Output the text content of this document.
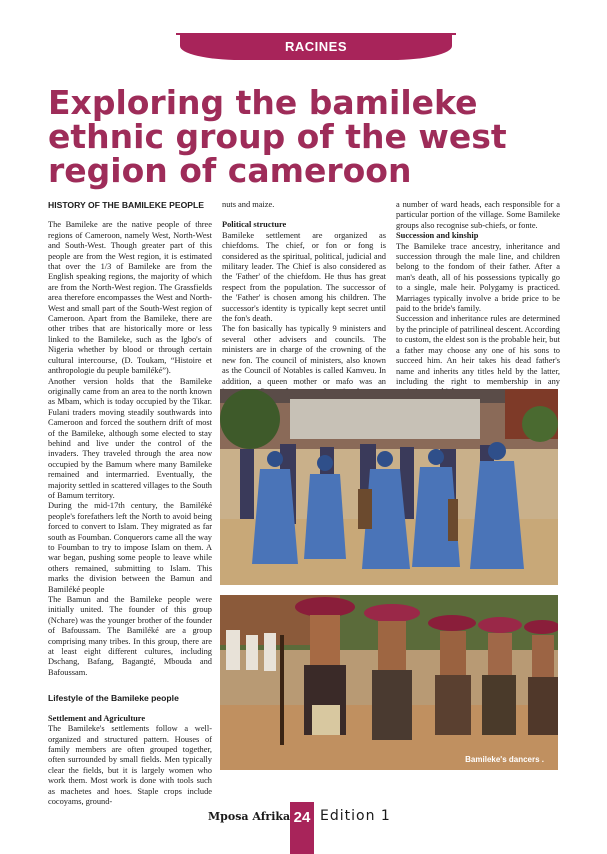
RACINES
Exploring the bamileke ethnic group of the west region of cameroon
HISTORY OF THE BAMILEKE PEOPLE

The Bamileke are the native people of three regions of Cameroon, namely West, North-West and South-West. Though greater part of this people are from the West region, it is estimated that over the 1/3 of Bamileke are from the English speaking regions, the majority of which are from the North-West region. The Grassfields area therefore encompasses the West and North-West and small part of the South-West region of Cameroon. Apart from the Bamileke, there are other tribes that are historically more or less linked to the Bamileke, such as the Igbo's of Nigeria whether by blood or through certain cultural intercourse, (D. Toukam, “Histoire et anthropologie du peuple bamiléké”).

Another version holds that the Bamileke originally came from an area to the north known as Mbam, which is today occupied by the Tikar. Fulani traders moving steadily southwards into Cameroon and forced the southern drift of most of the Bamileke, although some elected to stay behind and live under the control of the invaders. They traveled through the area now occupied by the Bamum where many Bamileke remained and intermarried. Eventually, the majority settled in scattered villages to the South of Bamum territory.

During the mid-17th century, the Bamiléké people's forefathers left the North to avoid being forced to convert to Islam. They migrated as far south as Foumban. Conquerors came all the way to Foumban to try to impose Islam on them. A war began, pushing some people to leave while others remained, submitting to Islam. This marks the division between the Bamun and Bamiléké people

The Bamun and the Bamileke people were initially united. The founder of this group (Nchare) was the younger brother of the founder of Bafoussam. The Bamiléké are a group comprising many tribes. In this group, there are at least eight different cultures, including Dschang, Bafang, Bagangté, Mbouda and Bafoussam.

Lifestyle of the Bamileke people
Settlement and Agriculture

The Bamileke's settlements follow a well-organized and structured pattern. Houses of family members are often grouped together, often surrounded by small fields. Men typically clear the fields, but it is largely women who work them. Most work is done with tools such as machetes and hoes. Staple crops include cocoyams, ground-

nuts and maize.

Political structure

Bamileke settlement are organized as chiefdoms. The chief, or fon or fong is considered as the spiritual, political, judicial and military leader. The Chief is also considered as the 'Father' of the chiefdom. He thus has great respect from the population. The successor of the 'Father' is chosen among his children. The successor's identity is typically kept secret until the fon's death.

The fon basically has typically 9 ministers and several other advisers and councils. The ministers are in charge of the crowning of the new fon. The council of ministers, also known as the Council of Notables is called Kamveu. In addition, a queen mother or mafo was an

a number of ward heads, each responsible for a particular portion of the village. Some Bamileke groups also recognise sub-chiefs, or fonte.

Succession and kinship

The Bamileke trace ancestry, inheritance and succession through the male line, and children belong to the fondom of their father. After a man's death, all of his possessions typically go to a single, male heir. Polygamy is practiced. Marriages typically involve a bride price to be paid to the bride's family.

Succession and inheritance rules are determined by the principle of patrilineal descent. According to custom, the eldest son is the probable heir, but a father may choose any one of his sons to succeed him. An heir takes his dead father's name and inherits any titles held by the latter, including the right to membership in any

Bamileke's dancers .
Mposa Afrika 24 Edition 1
